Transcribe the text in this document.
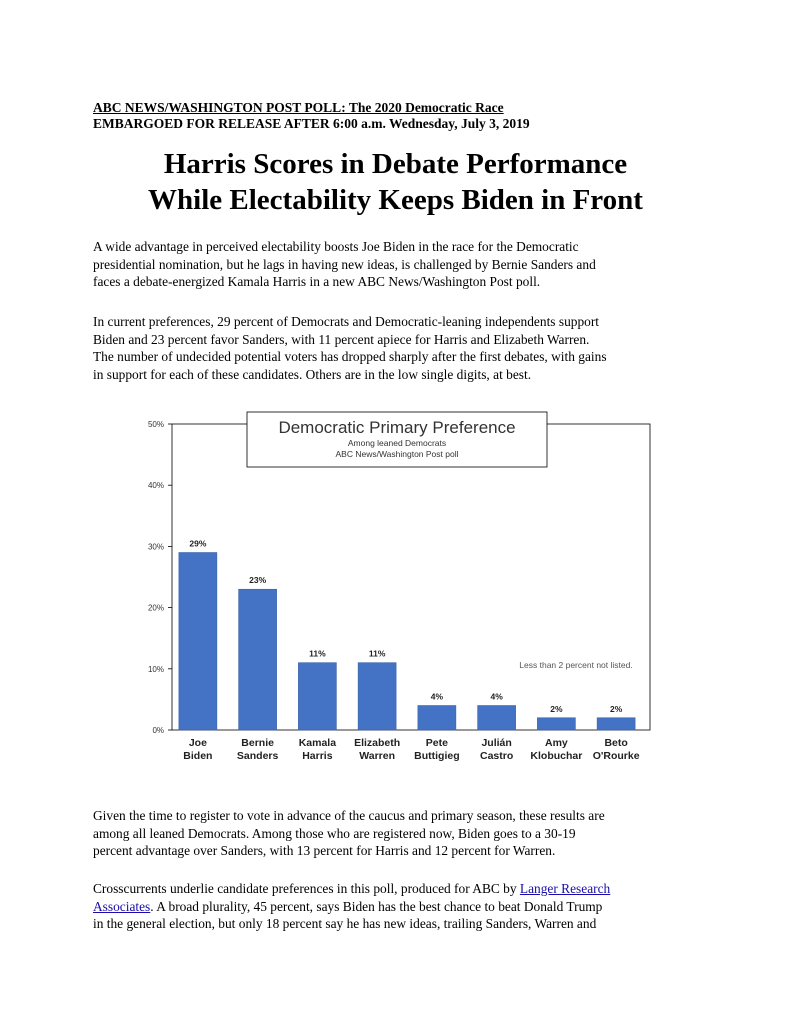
ABC NEWS/WASHINGTON POST POLL: The 2020 Democratic Race
EMBARGOED FOR RELEASE AFTER 6:00 a.m. Wednesday, July 3, 2019
Harris Scores in Debate Performance
While Electability Keeps Biden in Front
A wide advantage in perceived electability boosts Joe Biden in the race for the Democratic
presidential nomination, but he lags in having new ideas, is challenged by Bernie Sanders and
faces a debate-energized Kamala Harris in a new ABC News/Washington Post poll.
In current preferences, 29 percent of Democrats and Democratic-leaning independents support
Biden and 23 percent favor Sanders, with 11 percent apiece for Harris and Elizabeth Warren.
The number of undecided potential voters has dropped sharply after the first debates, with gains
in support for each of these candidates. Others are in the low single digits, at best.
0%
10%
20%
30%
40%
50%
29%
Joe
Biden
23%
Bernie
Sanders
11%
Kamala
Harris
11%
Elizabeth
Warren
4%
Pete
Buttigieg
4%
Julián
Castro
2%
Amy
Klobuchar
2%
Beto
O'Rourke
Democratic Primary Preference
Among leaned Democrats
ABC News/Washington Post poll
Less than 2 percent not listed.
Given the time to register to vote in advance of the caucus and primary season, these results are
among all leaned Democrats. Among those who are registered now, Biden goes to a 30-19
percent advantage over Sanders, with 13 percent for Harris and 12 percent for Warren.
Crosscurrents underlie candidate preferences in this poll, produced for ABC by Langer Research
Associates. A broad plurality, 45 percent, says Biden has the best chance to beat Donald Trump
in the general election, but only 18 percent say he has new ideas, trailing Sanders, Warren and
